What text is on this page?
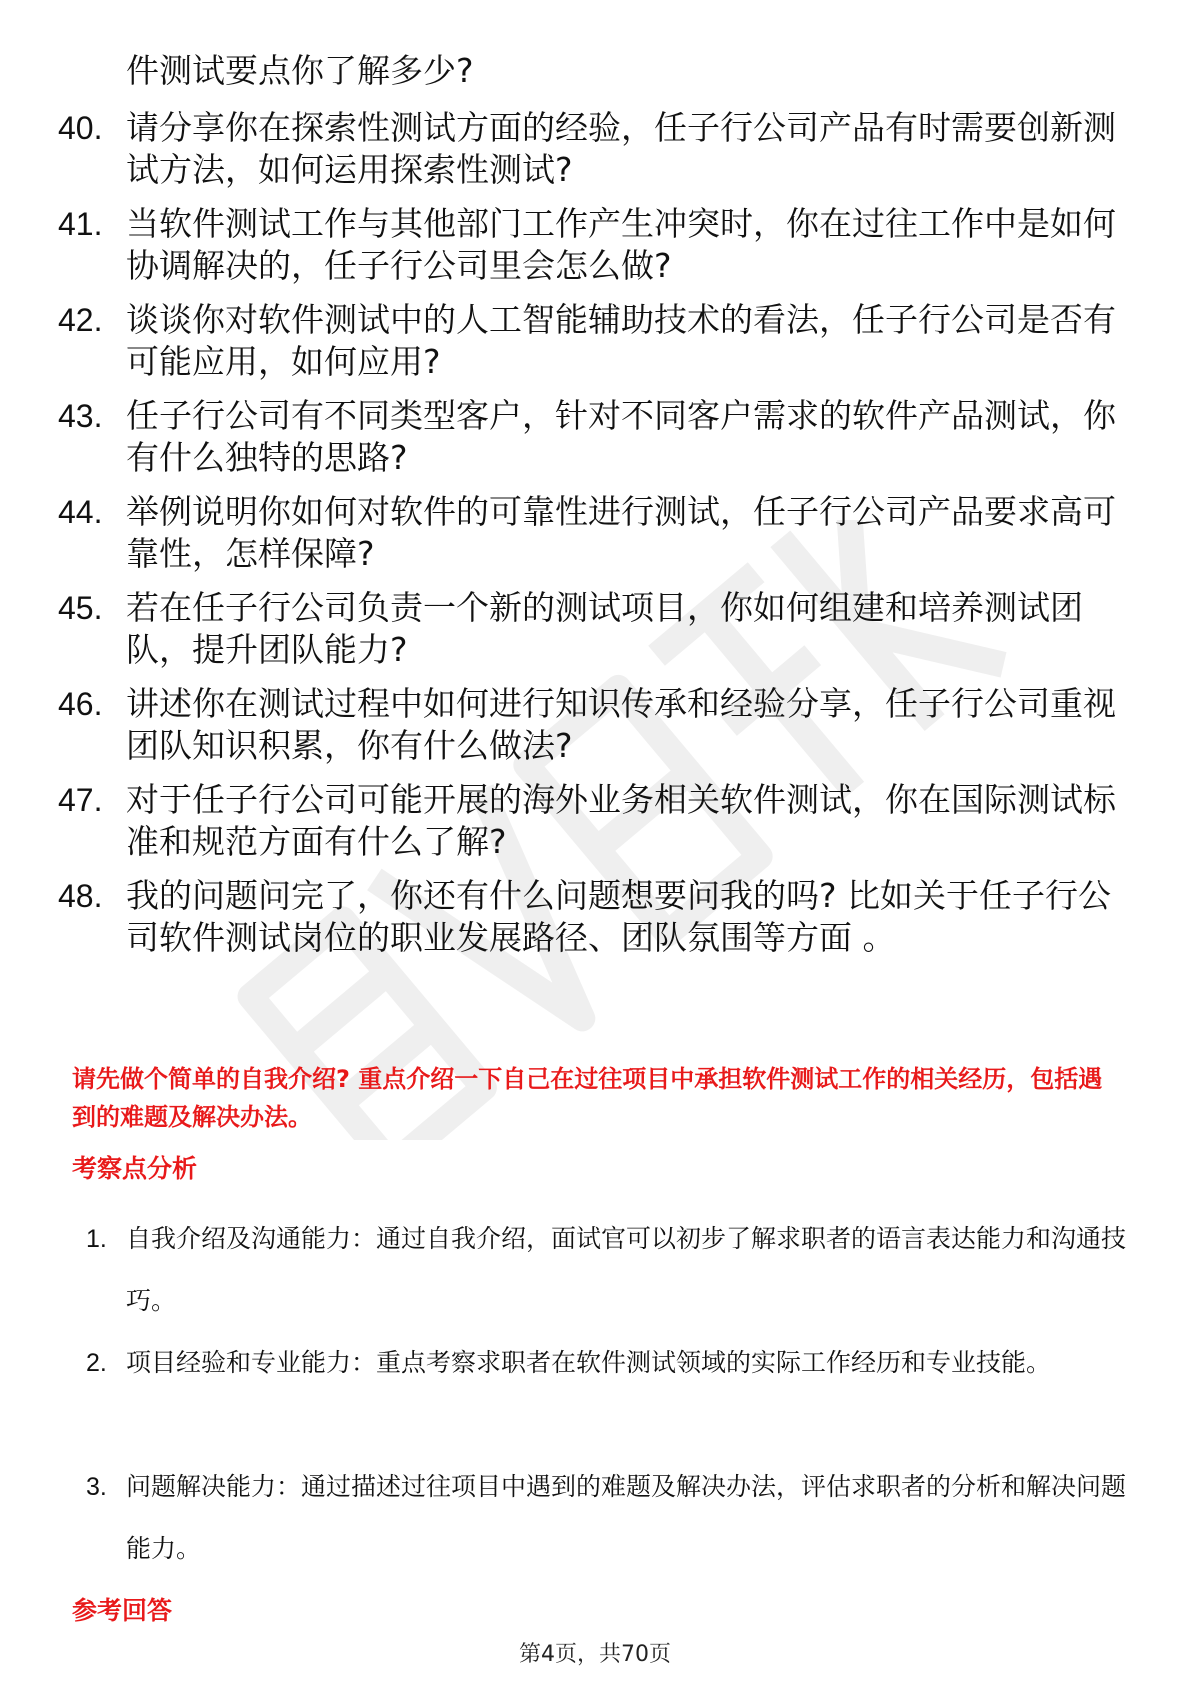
件测试要点你了解多少?
40. 请分享你在探索性测试方面的经验，任子行公司产品有时需要创新测试方法，如何运用探索性测试?
41. 当软件测试工作与其他部门工作产生冲突时，你在过往工作中是如何协调解决的，任子行公司里会怎么做?
42. 谈谈你对软件测试中的人工智能辅助技术的看法，任子行公司是否有可能应用，如何应用?
43. 任子行公司有不同类型客户，针对不同客户需求的软件产品测试，你有什么独特的思路?
44. 举例说明你如何对软件的可靠性进行测试，任子行公司产品要求高可靠性，怎样保障?
45. 若在任子行公司负责一个新的测试项目，你如何组建和培养测试团队，提升团队能力?
46. 讲述你在测试过程中如何进行知识传承和经验分享，任子行公司重视团队知识积累，你有什么做法?
47. 对于任子行公司可能开展的海外业务相关软件测试，你在国际测试标准和规范方面有什么了解?
48. 我的问题问完了，你还有什么问题想要问我的吗? 比如关于任子行公司软件测试岗位的职业发展路径、团队氛围等方面 。
请先做个简单的自我介绍? 重点介绍一下自己在过往项目中承担软件测试工作的相关经历，包括遇到的难题及解决办法。
考察点分析
1. 自我介绍及沟通能力：通过自我介绍，面试官可以初步了解求职者的语言表达能力和沟通技巧。
2. 项目经验和专业能力：重点考察求职者在软件测试领域的实际工作经历和专业技能。
3. 问题解决能力：通过描述过往项目中遇到的难题及解决办法，评估求职者的分析和解决问题能力。
参考回答
第4页，共70页
